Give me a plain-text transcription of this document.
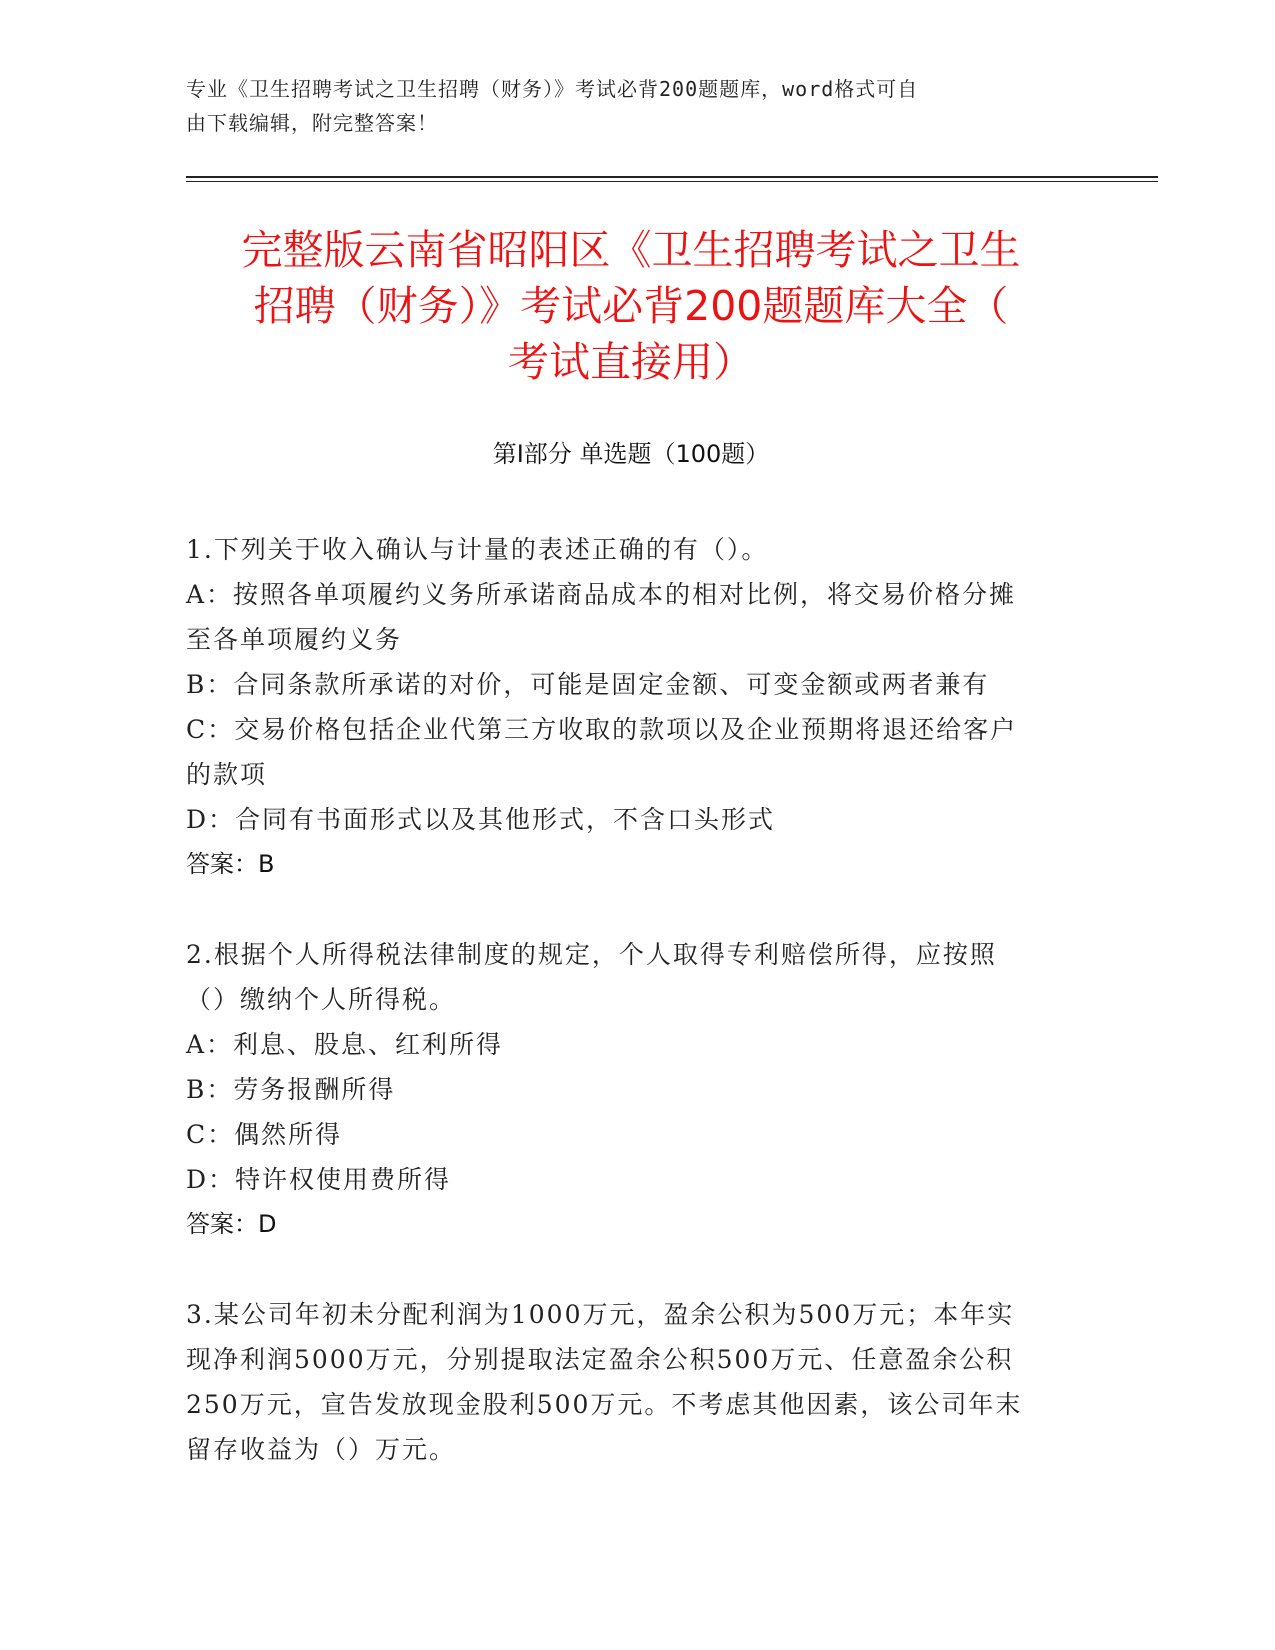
专业《卫生招聘考试之卫生招聘（财务）》考试必背200题题库，word格式可自
由下载编辑，附完整答案！
完整版云南省昭阳区《卫生招聘考试之卫生
招聘（财务）》考试必背200题题库大全（
考试直接用）
第I部分 单选题（100题）
1.下列关于收入确认与计量的表述正确的有（）。
A：按照各单项履约义务所承诺商品成本的相对比例，将交易价格分摊
至各单项履约义务
B：合同条款所承诺的对价，可能是固定金额、可变金额或两者兼有
C：交易价格包括企业代第三方收取的款项以及企业预期将退还给客户
的款项
D：合同有书面形式以及其他形式，不含口头形式
答案：B
2.根据个人所得税法律制度的规定，个人取得专利赔偿所得，应按照
（）缴纳个人所得税。
A：利息、股息、红利所得
B：劳务报酬所得
C：偶然所得
D：特许权使用费所得
答案：D
3.某公司年初未分配利润为1000万元，盈余公积为500万元；本年实
现净利润5000万元，分别提取法定盈余公积500万元、任意盈余公积
250万元，宣告发放现金股利500万元。不考虑其他因素，该公司年末
留存收益为（）万元。
